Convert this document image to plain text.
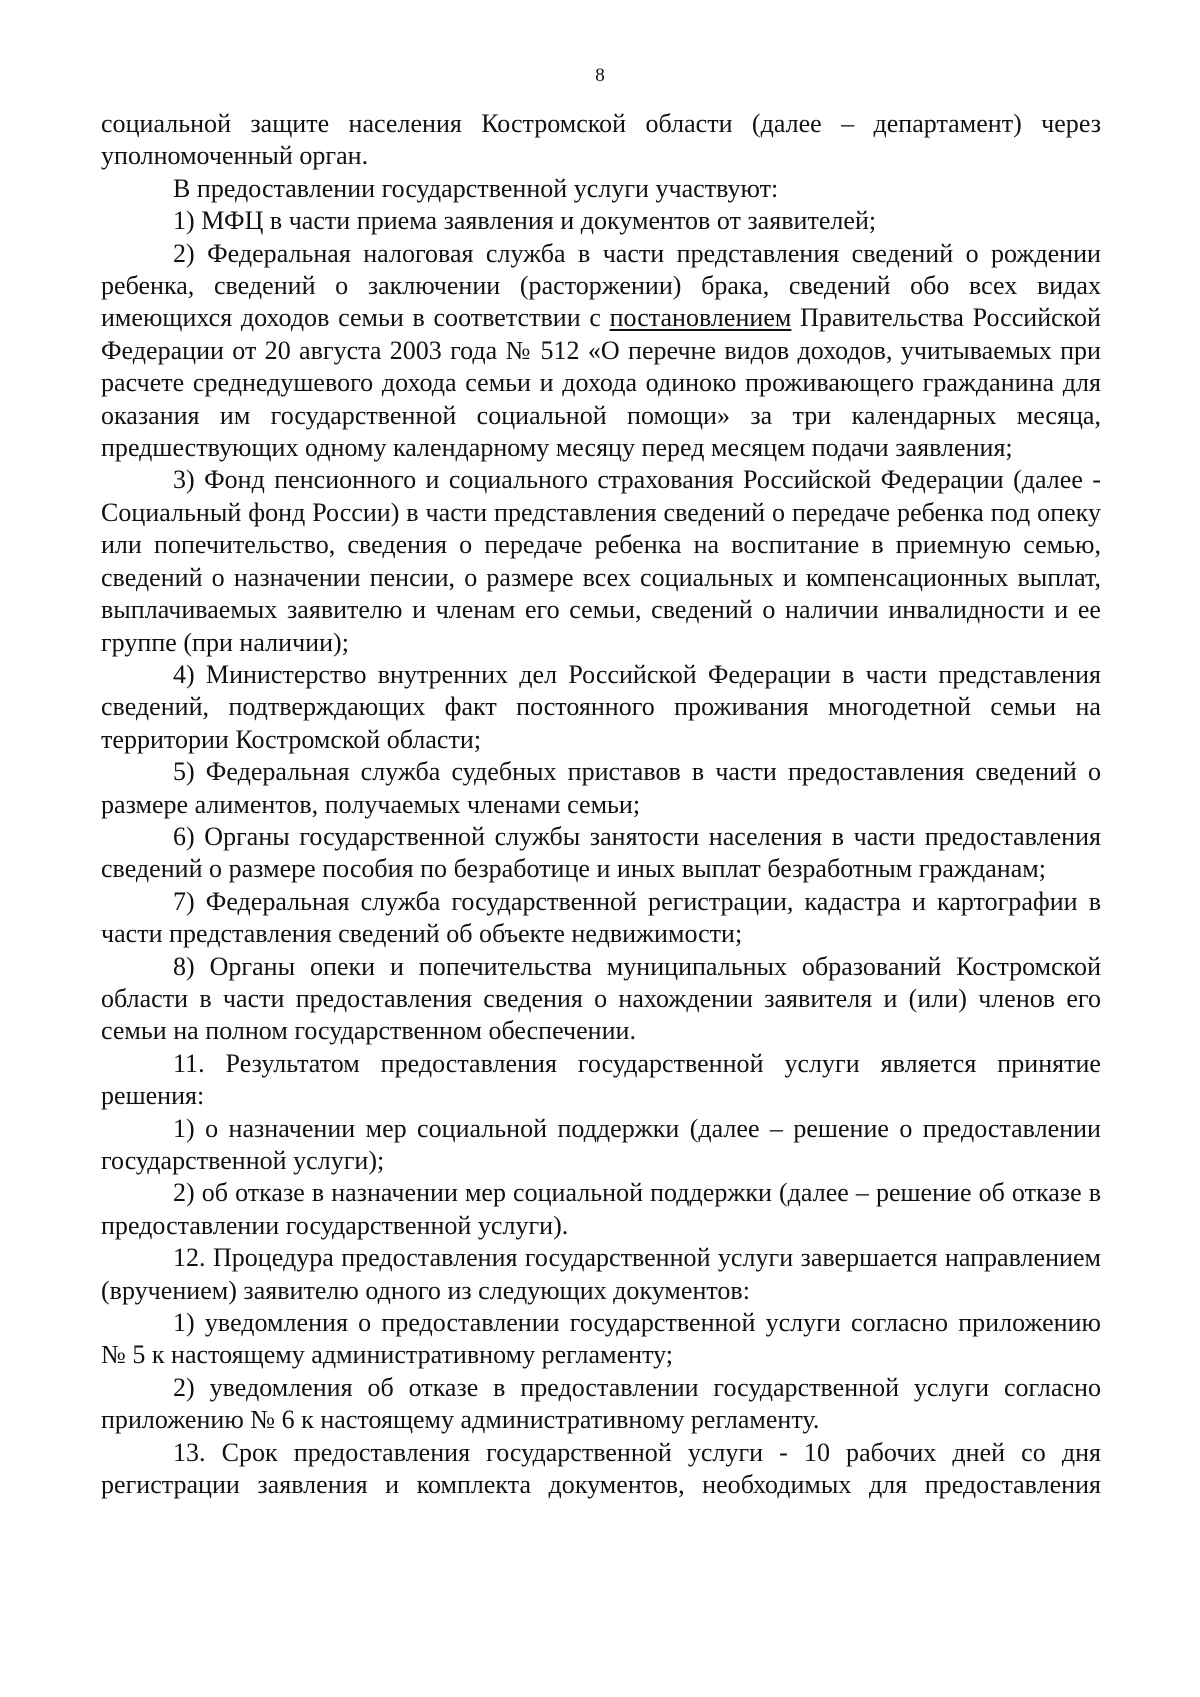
8

социальной защите населения Костромской области (далее – департамент) через уполномоченный орган.

В предоставлении государственной услуги участвуют:

1) МФЦ в части приема заявления и документов от заявителей;

2) Федеральная налоговая служба в части представления сведений о рождении ребенка, сведений о заключении (расторжении) брака, сведений обо всех видах имеющихся доходов семьи в соответствии с постановлением Правительства Российской Федерации от 20 августа 2003 года № 512 «О перечне видов доходов, учитываемых при расчете среднедушевого дохода семьи и дохода одиноко проживающего гражданина для оказания им государственной социальной помощи» за три календарных месяца, предшествующих одному календарному месяцу перед месяцем подачи заявления;

3) Фонд пенсионного и социального страхования Российской Федерации (далее - Социальный фонд России) в части представления сведений о передаче ребенка под опеку или попечительство, сведения о передаче ребенка на воспитание в приемную семью, сведений о назначении пенсии, о размере всех социальных и компенсационных выплат, выплачиваемых заявителю и членам его семьи, сведений о наличии инвалидности и ее группе (при наличии);

4) Министерство внутренних дел Российской Федерации в части представления сведений, подтверждающих факт постоянного проживания многодетной семьи на территории Костромской области;

5) Федеральная служба судебных приставов в части предоставления сведений о размере алиментов, получаемых членами семьи;

6) Органы государственной службы занятости населения в части предоставления сведений о размере пособия по безработице и иных выплат безработным гражданам;

7) Федеральная служба государственной регистрации, кадастра и картографии в части представления сведений об объекте недвижимости;

8) Органы опеки и попечительства муниципальных образований Костромской области в части предоставления сведения о нахождении заявителя и (или) членов его семьи на полном государственном обеспечении.

11. Результатом предоставления государственной услуги является принятие решения:

1) о назначении мер социальной поддержки (далее – решение о предоставлении государственной услуги);

2) об отказе в назначении мер социальной поддержки (далее – решение об отказе в предоставлении государственной услуги).

12. Процедура предоставления государственной услуги завершается направлением (вручением) заявителю одного из следующих документов:

1) уведомления о предоставлении государственной услуги согласно приложению № 5 к настоящему административному регламенту;

2) уведомления об отказе в предоставлении государственной услуги согласно приложению № 6 к настоящему административному регламенту.

13. Срок предоставления государственной услуги - 10 рабочих дней со дня регистрации заявления и комплекта документов, необходимых для предоставления
